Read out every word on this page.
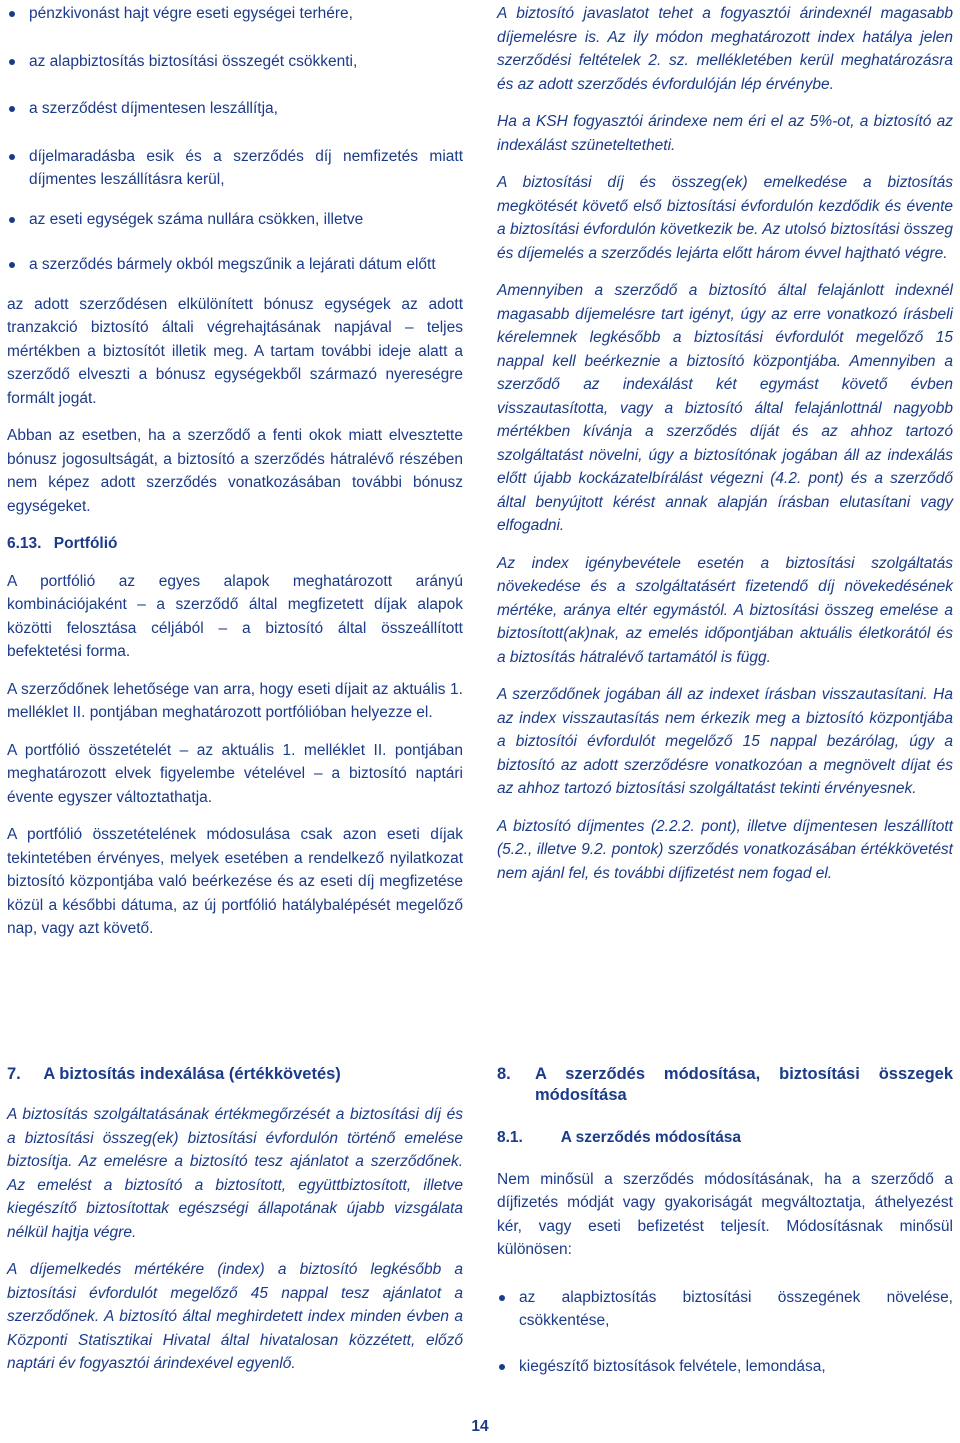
pénzkivonást hajt végre eseti egységei terhére,
az alapbiztosítás biztosítási összegét csökkenti,
a szerződést díjmentesen leszállítja,
díjelmaradásba esik és a szerződés díj nemfizetés miatt díjmentes leszállításra kerül,
az eseti egységek száma nullára csökken, illetve
a szerződés bármely okból megszűnik a lejárati dátum előtt

az adott szerződésen elkülönített bónusz egységek az adott tranzakció biztosító általi végrehajtásának napjával – teljes mértékben a biztosítót illetik meg. A tartam további ideje alatt a szerződő elveszti a bónusz egységekből származó nyereségre formált jogát.

Abban az esetben, ha a szerződő a fenti okok miatt elvesztette bónusz jogosultságát, a biztosító a szerződés hátralévő részében nem képez adott szerződés vonatkozásában további bónusz egységeket.

6.13. Portfólió

A portfólió az egyes alapok meghatározott arányú kombinációjaként – a szerződő által megfizetett díjak alapok közötti felosztása céljából – a biztosító által összeállított befektetési forma.

A szerződőnek lehetősége van arra, hogy eseti díjait az aktuális 1. melléklet II. pontjában meghatározott portfólióban helyezze el.

A portfólió összetételét – az aktuális 1. melléklet II. pontjában meghatározott elvek figyelembe vételével – a biztosító naptári évente egyszer változtathatja.

A portfólió összetételének módosulása csak azon eseti díjak tekintetében érvényes, melyek esetében a rendelkező nyilatkozat biztosító központjába való beérkezése és az eseti díj megfizetése közül a későbbi dátuma, az új portfólió hatálybalépését megelőző nap, vagy azt követő.

A biztosító javaslatot tehet a fogyasztói árindexnél magasabb díjemelésre is. Az ily módon meghatározott index hatálya jelen szerződési feltételek 2. sz. mellékletében kerül meghatározásra és az adott szerződés évfordulóján lép érvénybe.

Ha a KSH fogyasztói árindexe nem éri el az 5%-ot, a biztosító az indexálást szüneteltetheti.

A biztosítási díj és összeg(ek) emelkedése a biztosítás megkötését követő első biztosítási évfordulón kezdődik és évente a biztosítási évfordulón következik be. Az utolsó biztosítási összeg és díjemelés a szerződés lejárta előtt három évvel hajtható végre.

Amennyiben a szerződő a biztosító által felajánlott indexnél magasabb díjemelésre tart igényt, úgy az erre vonatkozó írásbeli kérelemnek legkésőbb a biztosítási évfordulót megelőző 15 nappal kell beérkeznie a biztosító központjába. Amennyiben a szerződő az indexálást két egymást követő évben visszautasította, vagy a biztosító által felajánlottnál nagyobb mértékben kívánja a szerződés díját és az ahhoz tartozó szolgáltatást növelni, úgy a biztosítónak jogában áll az indexálás előtt újabb kockázatelbírálást végezni (4.2. pont) és a szerződő által benyújtott kérést annak alapján írásban elutasítani vagy elfogadni.

Az index igénybevétele esetén a biztosítási szolgáltatás növekedése és a szolgáltatásért fizetendő díj növekedésének mértéke, aránya eltér egymástól. A biztosítási összeg emelése a biztosított(ak)nak, az emelés időpontjában aktuális életkorától és a biztosítás hátralévő tartamától is függ.

A szerződőnek jogában áll az indexet írásban visszautasítani. Ha az index visszautasítás nem érkezik meg a biztosító központjába a biztosítói évfordulót megelőző 15 nappal bezárólag, úgy a biztosító az adott szerződésre vonatkozóan a megnövelt díjat és az ahhoz tartozó biztosítási szolgáltatást tekinti érvényesnek.

A biztosító díjmentes (2.2.2. pont), illetve díjmentesen leszállított (5.2., illetve 9.2. pontok) szerződés vonatkozásában értékkövetést nem ajánl fel, és további díjfizetést nem fogad el.

7. A biztosítás indexálása (értékkövetés)

A biztosítás szolgáltatásának értékmegőrzését a biztosítási díj és a biztosítási összeg(ek) biztosítási évfordulón történő emelése biztosítja. Az emelésre a biztosító tesz ajánlatot a szerződőnek. Az emelést a biztosító a biztosított, együttbiztosított, illetve kiegészítő biztosítottak egészségi állapotának újabb vizsgálata nélkül hajtja végre.

A díjemelkedés mértékére (index) a biztosító legkésőbb a biztosítási évfordulót megelőző 45 nappal tesz ajánlatot a szerződőnek. A biztosító által meghirdetett index minden évben a Központi Statisztikai Hivatal által hivatalosan közzétett, előző naptári év fogyasztói árindexével egyenlő.

8.	A szerződés módosítása, biztosítási összegek módosítása
8.1. A szerződés módosítása

Nem minősül a szerződés módosításának, ha a szerződő a díjfizetés módját vagy gyakoriságát megváltoztatja, áthelyezést kér, vagy eseti befizetést teljesít. Módosításnak minősül különösen:

az alapbiztosítás biztosítási összegének növelése, csökkentése,
kiegészítő biztosítások felvétele, lemondása,
14
